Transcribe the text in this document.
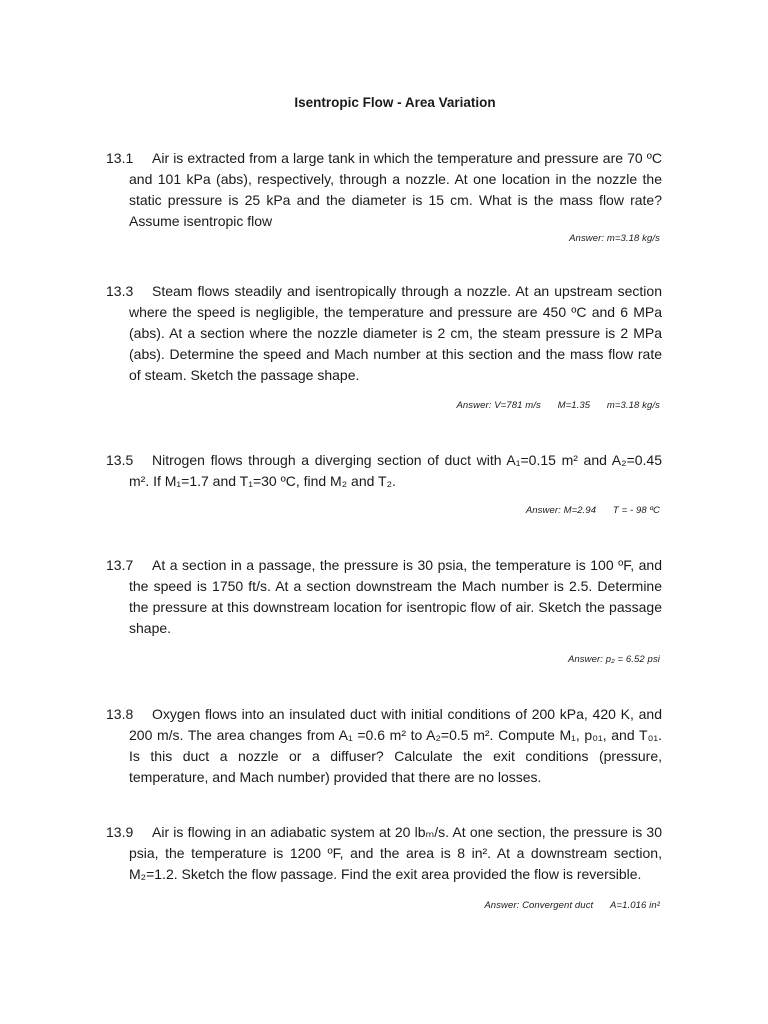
Isentropic Flow - Area Variation
13.1	Air is extracted from a large tank in which the temperature and pressure are 70 ºC and 101 kPa (abs), respectively, through a nozzle. At one location in the nozzle the static pressure is 25 kPa and the diameter is 15 cm. What is the mass flow rate? Assume isentropic flow
Answer: m=3.18 kg/s
13.3	Steam flows steadily and isentropically through a nozzle. At an upstream section where the speed is negligible, the temperature and pressure are 450 ºC and 6 MPa (abs). At a section where the nozzle diameter is 2 cm, the steam pressure is 2 MPa (abs). Determine the speed and Mach number at this section and the mass flow rate of steam. Sketch the passage shape.
Answer: V=781 m/s M=1.35 m=3.18 kg/s
13.5	Nitrogen flows through a diverging section of duct with A₁=0.15 m² and A₂=0.45 m². If M₁=1.7 and T₁=30 ºC, find M₂ and T₂.
Answer: M=2.94 T = - 98 ºC
13.7	At a section in a passage, the pressure is 30 psia, the temperature is 100 ºF, and the speed is 1750 ft/s. At a section downstream the Mach number is 2.5. Determine the pressure at this downstream location for isentropic flow of air. Sketch the passage shape.
Answer: p₂ = 6.52 psi
13.8	Oxygen flows into an insulated duct with initial conditions of 200 kPa, 420 K, and 200 m/s. The area changes from A₁ =0.6 m² to A₂=0.5 m². Compute M₁, p₀₁, and T₀₁. Is this duct a nozzle or a diffuser? Calculate the exit conditions (pressure, temperature, and Mach number) provided that there are no losses.
13.9	Air is flowing in an adiabatic system at 20 lbₘ/s. At one section, the pressure is 30 psia, the temperature is 1200 ºF, and the area is 8 in². At a downstream section, M₂=1.2. Sketch the flow passage. Find the exit area provided the flow is reversible.
Answer: Convergent duct A=1.016 in²
